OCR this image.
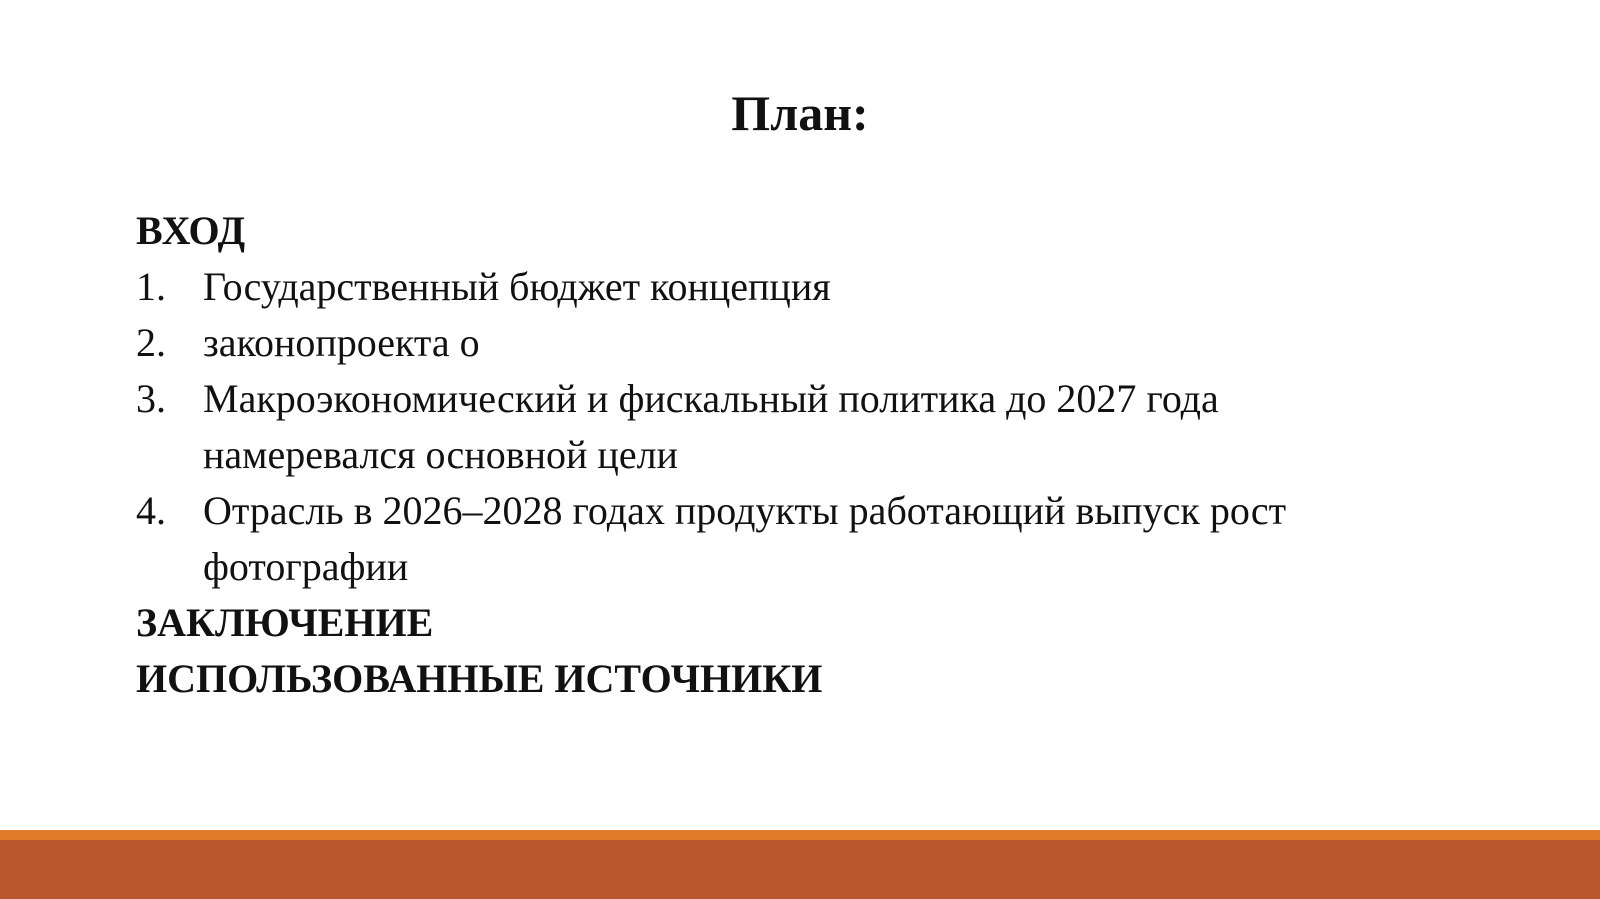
План:
ВХОД
1. Государственный бюджет концепция
2. законопроекта о
3. Макроэкономический и фискальный политика до 2027 года намеревался основной цели
4. Отрасль в 2026–2028 годах продукты работающий выпуск рост фотографии
ЗАКЛЮЧЕНИЕ
ИСПОЛЬЗОВАННЫЕ ИСТОЧНИКИ
